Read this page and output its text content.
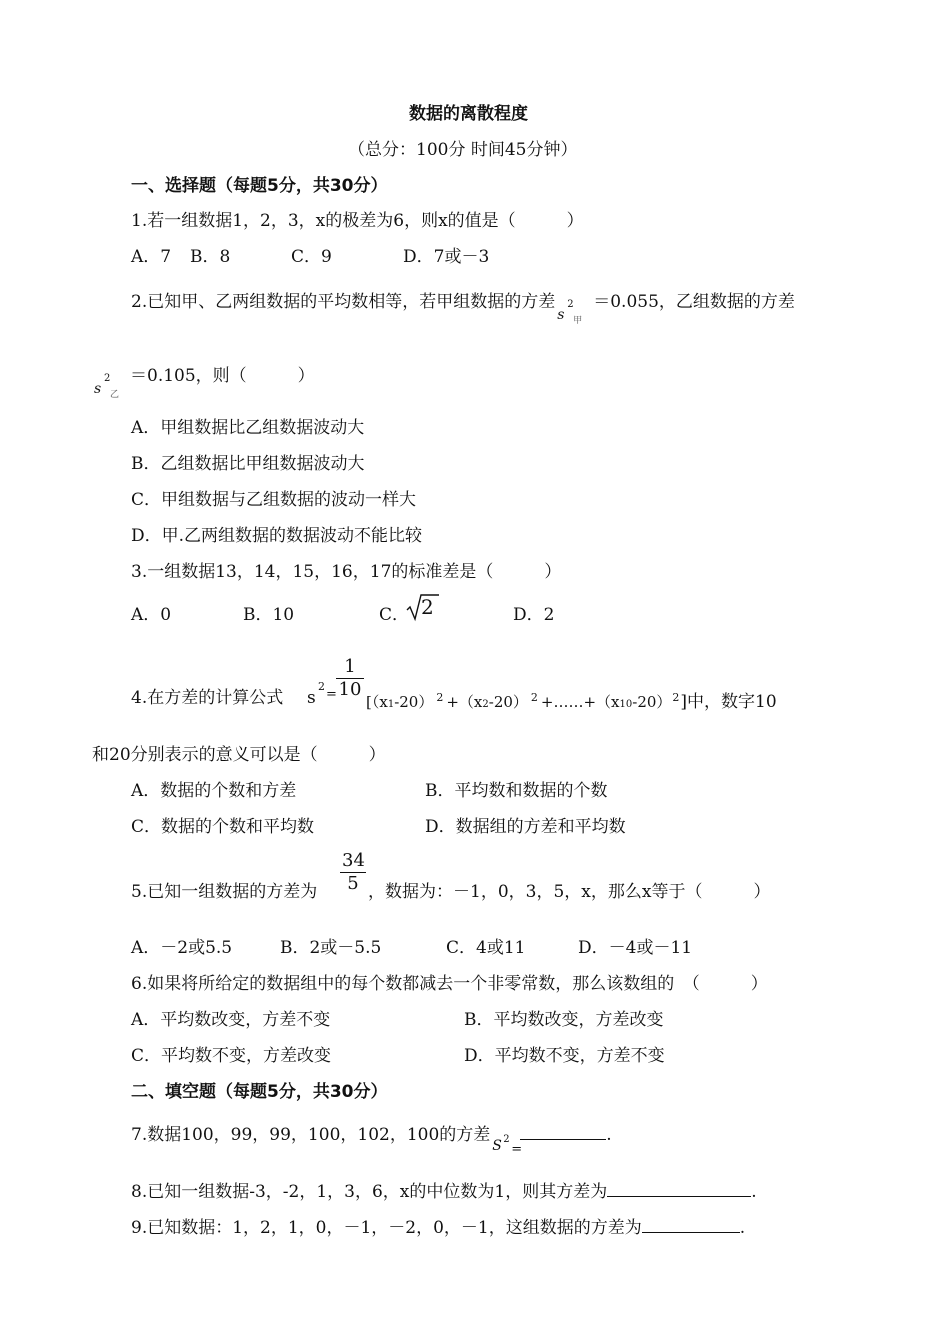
数据的离散程度
（总分：100分 时间45分钟）
一、选择题（每题5分，共30分）
1.若一组数据1，2，3，x的极差为6，则x的值是（　　　）
A．7 B．8	C．9	D．7或－3
2.已知甲、乙两组数据的平均数相等，若甲组数据的方差
s
2
甲
＝0.055，乙组数据的方差
s
2
乙
＝0.105，则（　　　）
A．甲组数据比乙组数据波动大
B．乙组数据比甲组数据波动大
C．甲组数据与乙组数据的波动一样大
D．甲.乙两组数据的数据波动不能比较
3.一组数据13，14，15，16，17的标准差是（　　　）
A．0	B．10	C． 2	D．2
4.在方差的计算公式 s
2
= $\frac{1}{10}$
[（x1-20） $^2$ +（x2-20） $^2 +\dots\dots+(x10-20)^2$]中，数字10
和20分别表示的意义可以是（　　　）
A．数据的个数和方差	B．平均数和数据的个数
C．数据的个数和平均数	D．数据组的方差和平均数
5.已知一组数据的方差为 $\frac{34}{5}$ ，数据为：－1，0，3，5，x，那么x等于（　　　）
A．－2或5.5	B．2或－5.5	C．4或11	D．－4或－11
6.如果将所给定的数据组中的每个数都减去一个非零常数，那么该数组的　（　　　）
A．平均数改变，方差不变	B．平均数改变，方差改变
C．平均数不变，方差改变	D．平均数不变，方差不变
二、填空题（每题5分，共30分）
7.数据100，99，99，100，102，100的方差
S 2
=
.
8.已知一组数据-3，-2，1，3，6，x的中位数为1，则其方差为	.
9.已知数据：1，2，1，0，－1，－2，0，－1，这组数据的方差为	.
